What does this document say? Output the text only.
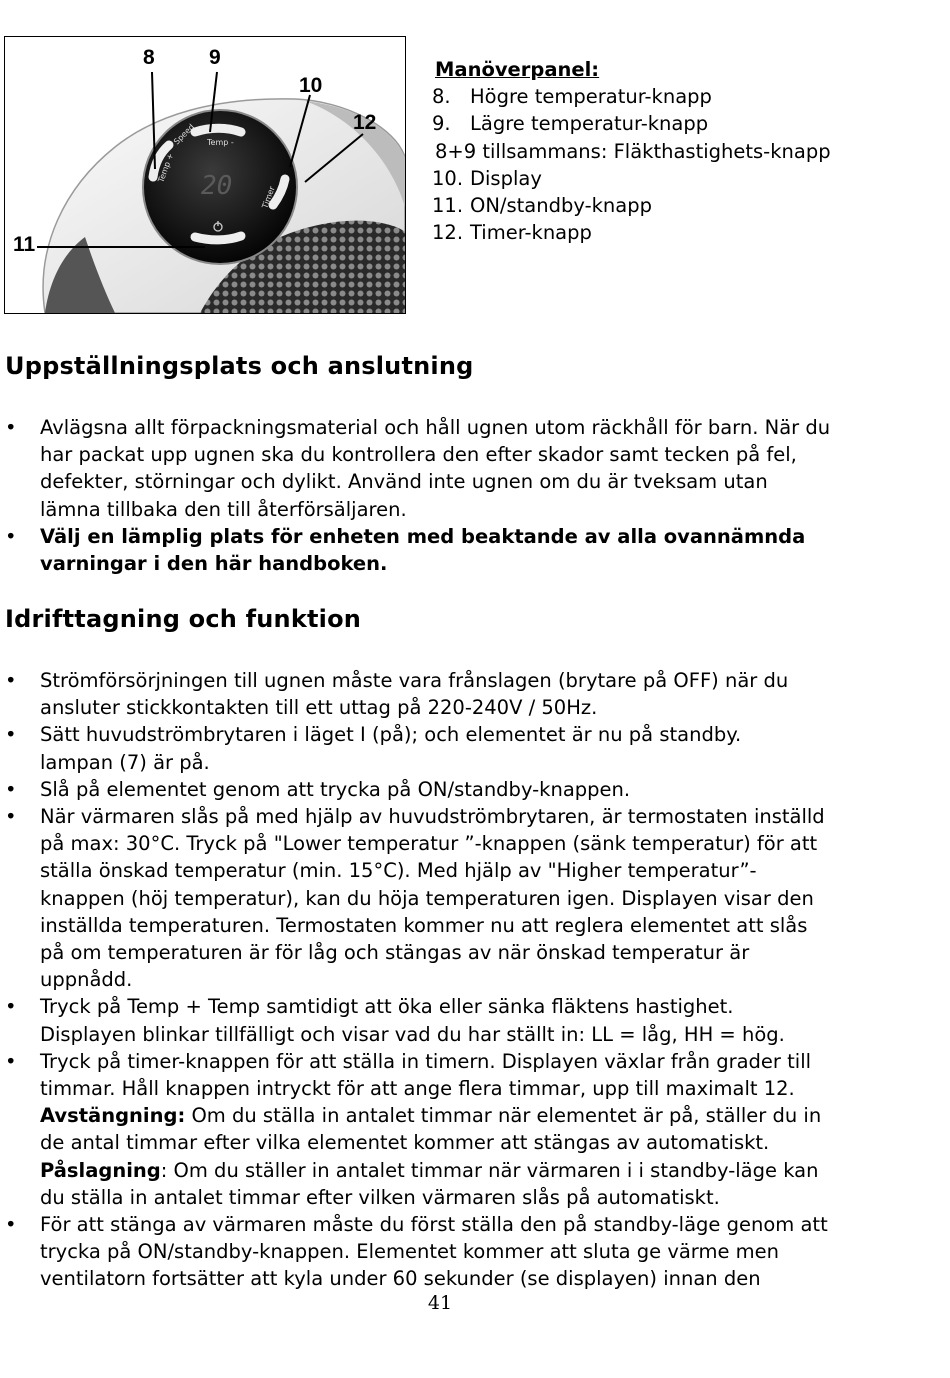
Temp +
Speed Temp -
Timer
20
8	9
10
12
11
Manöverpanel:
8. Högre temperatur-knapp
9. Lägre temperatur-knapp
8+9 tillsammans: Fläkthastighets-knapp
10. Display
11. ON/standby-knapp
12. Timer-knapp
Uppställningsplats och anslutning
• Avlägsna allt förpackningsmaterial och håll ugnen utom räckhåll för barn. När du
har packat upp ugnen ska du kontrollera den efter skador samt tecken på fel,
defekter, störningar och dylikt. Använd inte ugnen om du är tveksam utan
lämna tillbaka den till återförsäljaren.
• Välj en lämplig plats för enheten med beaktande av alla ovannämnda
varningar i den här handboken.
Idrifttagning och funktion
• Strömförsörjningen till ugnen måste vara frånslagen (brytare på OFF) när du
ansluter stickkontakten till ett uttag på 220-240V / 50Hz.
• Sätt huvudströmbrytaren i läget I (på); och elementet är nu på standby.
lampan (7) är på.
• Slå på elementet genom att trycka på ON/standby-knappen.
• När värmaren slås på med hjälp av huvudströmbrytaren, är termostaten inställd
på max: 30°C. Tryck på "Lower temperatur ”-knappen (sänk temperatur) för att
ställa önskad temperatur (min. 15°C). Med hjälp av "Higher temperatur”-
knappen (höj temperatur), kan du höja temperaturen igen. Displayen visar den
inställda temperaturen. Termostaten kommer nu att reglera elementet att slås
på om temperaturen är för låg och stängas av när önskad temperatur är
uppnådd.
• Tryck på Temp + Temp samtidigt att öka eller sänka fläktens hastighet.
Displayen blinkar tillfälligt och visar vad du har ställt in: LL = låg, HH = hög.
• Tryck på timer-knappen för att ställa in timern. Displayen växlar från grader till
timmar. Håll knappen intryckt för att ange flera timmar, upp till maximalt 12.
Avstängning: Om du ställa in antalet timmar när elementet är på, ställer du in
de antal timmar efter vilka elementet kommer att stängas av automatiskt.
Påslagning: Om du ställer in antalet timmar när värmaren i i standby-läge kan
du ställa in antalet timmar efter vilken värmaren slås på automatiskt.
• För att stänga av värmaren måste du först ställa den på standby-läge genom att
trycka på ON/standby-knappen. Elementet kommer att sluta ge värme men
ventilatorn fortsätter att kyla under 60 sekunder (se displayen) innan den
41
